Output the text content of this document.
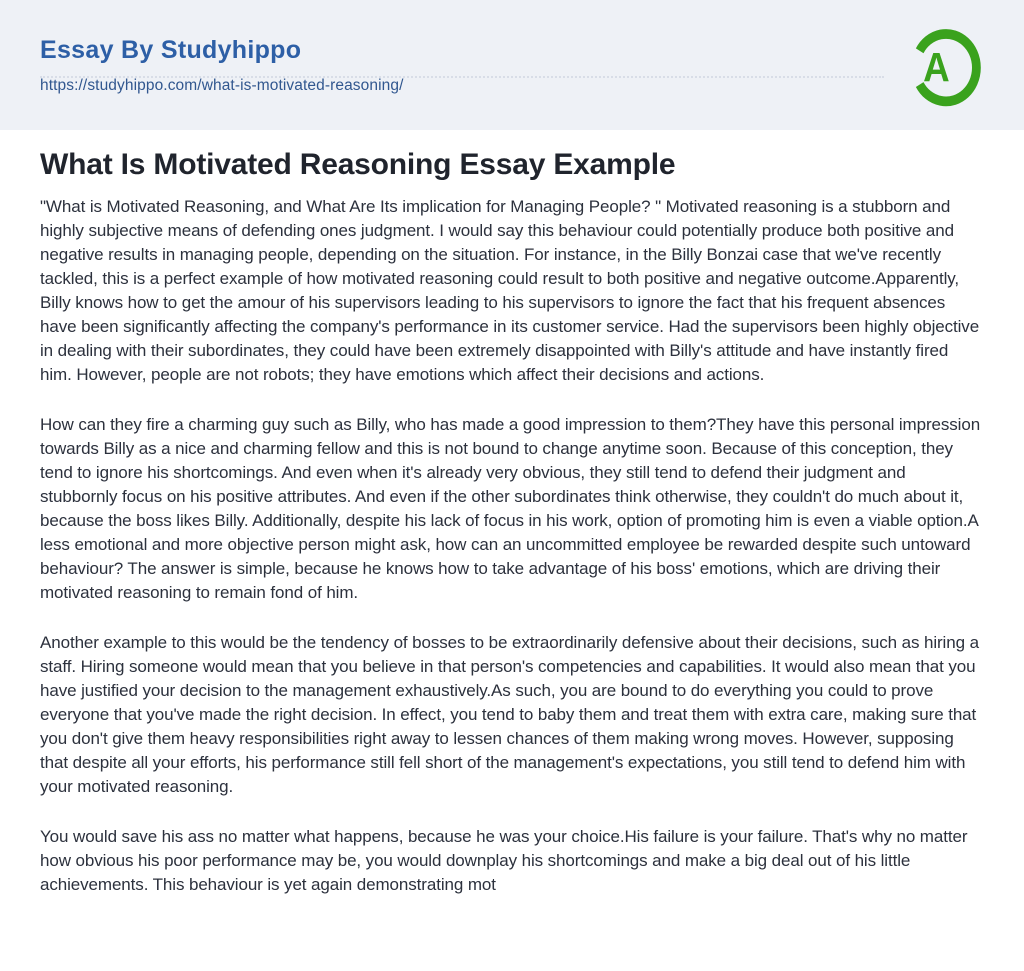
Essay By Studyhippo
https://studyhippo.com/what-is-motivated-reasoning/	A
What Is Motivated Reasoning Essay Example

"What is Motivated Reasoning, and What Are Its implication for Managing People? " Motivated reasoning is a stubborn and highly subjective means of defending ones judgment. I would say this behaviour could potentially produce both positive and negative results in managing people, depending on the situation. For instance, in the Billy Bonzai case that we've recently tackled, this is a perfect example of how motivated reasoning could result to both positive and negative outcome.Apparently, Billy knows how to get the amour of his supervisors leading to his supervisors to ignore the fact that his frequent absences have been significantly affecting the company's performance in its customer service. Had the supervisors been highly objective in dealing with their subordinates, they could have been extremely disappointed with Billy's attitude and have instantly fired him. However, people are not robots; they have emotions which affect their decisions and actions.

How can they fire a charming guy such as Billy, who has made a good impression to them?They have this personal impression towards Billy as a nice and charming fellow and this is not bound to change anytime soon. Because of this conception, they tend to ignore his shortcomings. And even when it's already very obvious, they still tend to defend their judgment and stubbornly focus on his positive attributes. And even if the other subordinates think otherwise, they couldn't do much about it, because the boss likes Billy. Additionally, despite his lack of focus in his work, option of promoting him is even a viable option.A less emotional and more objective person might ask, how can an uncommitted employee be rewarded despite such untoward behaviour? The answer is simple, because he knows how to take advantage of his boss' emotions, which are driving their motivated reasoning to remain fond of him.

Another example to this would be the tendency of bosses to be extraordinarily defensive about their decisions, such as hiring a staff. Hiring someone would mean that you believe in that person's competencies and capabilities. It would also mean that you have justified your decision to the management exhaustively.As such, you are bound to do everything you could to prove everyone that you've made the right decision. In effect, you tend to baby them and treat them with extra care, making sure that you don't give them heavy responsibilities right away to lessen chances of them making wrong moves. However, supposing that despite all your efforts, his performance still fell short of the management's expectations, you still tend to defend him with your motivated reasoning.

You would save his ass no matter what happens, because he was your choice.His failure is your failure. That's why no matter how obvious his poor performance may be, you would downplay his shortcomings and make a big deal out of his little achievements. This behaviour is yet again demonstrating mot
